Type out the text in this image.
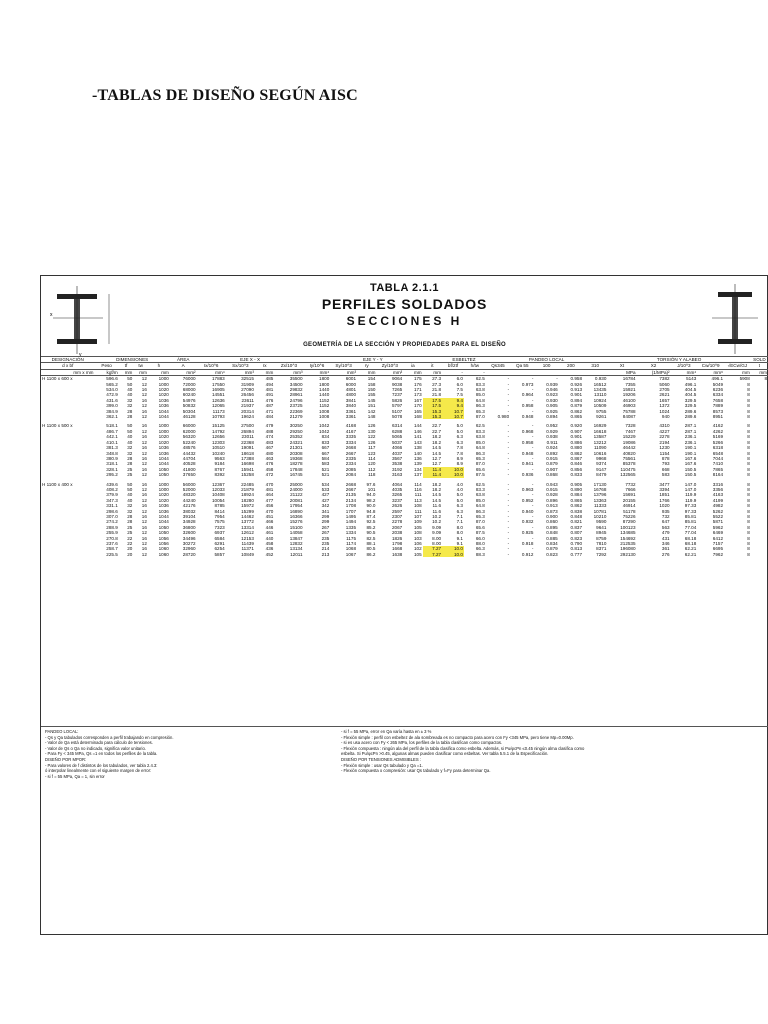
-TABLAS DE DISEÑO SEGÚN AISC
x
y
TABLA 2.1.1
PERFILES SOLDADOS
SECCIONES H
GEOMETRÍA DE LA SECCIÓN Y PROPIEDADES PARA EL DISEÑO
DESIGNACIÓN	DIMENSIONES				ÁREA	EJE X - X				EJE Y - Y						ESBELTEZ		PANDEO LOCAL					TORSIÓN Y ALABEO					SOLD
d x bf	Peso	tf	tw	h	A	Ix/10^6	Sx/10^3	rx	Zx/10^3	Iy/10^6	Sy/10^3	ry	Zy/10^3	ia	it	bf/2tf	h/tw	Qs345	Qa 55	100	200	310	Xt	X2	J/10^3	Cw/10^9	√ECw/GJ	t
mm x mm	kgf/m	mm	mm	mm	mm²	mm⁴	mm³	mm	mm³	mm⁴	mm³	mm	mm³	mm	mm	-	-						MPa	(1/MPa)²	mm⁴	mm⁶	mm	mm
H 1100 x 600 x	596.6	50	12	1000	76000	17883	32515	485	35500	1800	6001	154	9064	175	27.3	6.0	62.5	-	-	-	0.958	0.930	16784	7382	5143	496.1	5908	8
	565.2	50	12	1000	72000	17550	31909	494	34500	1800	6000	158	9038	176	27.3	6.0	83.3	-	0.973	0.939	0.926	16512	7355	5060	496.1	5049	8	
	534.0	40	16	1020	68000	16905	27090	481	29832	1440	4801	150	7265	171	21.8	7.5	63.8	-	-	0.946	0.913	13435	15921	2705	404.5	6236	8	
	472.9	40	12	1020	60240	14551	26456	491	28961	1440	4800	155	7237	173	21.8	7.5	85.0	-	0.964	0.923	0.901	13110	19206	2621	404.5	6334	8	
	431.6	32	16	1036	54976	12636	23611	476	24796	1152	3841	145	5826	167	17.5	9.4	64.8	-	-	0.930	0.894	10924	46100	1657	329.5	7658	8	
	399.0	32	12	1036	50832	12065	21937	487	23725	1152	3840	151	5797	170	17.5	9.4	86.3	-	0.958	0.905	0.879	10509	46903	1372	329.5	7889	8	
	384.9	28	16	1044	50304	11173	20314	471	22369	1008	3361	142	5107	165	15.3	10.7	65.3	-	-	0.925	0.862	9755	75788	1024	289.6	8573	8	
	362.1	28	12	1044	46128	10793	19624	484	21279	1008	3361	148	5078	168	15.3	10.7	87.0	0.980	0.948	0.894	0.865	9261	84087	940	289.6	8951	8	

H 1100 x 500 x	518.1	50	16	1000	66000	15125	27500	479	30250	1042	4168	126	6314	144	22.7	5.0	62.5	-	-	0.952	0.920	16929	7328	4310	287.1	4162	8	
	486.7	50	12	1000	62000	14792	26894	488	29250	1042	4167	130	6288	146	22.7	5.0	83.3	-	0.968	0.929	0.907	16618	7467	4227	287.1	4262	8	
	442.1	40	16	1020	56320	12656	23011	474	25352	834	3335	122	5065	141	18.2	6.3	63.8	-	-	0.938	0.901	13587	15229	2278	236.1	5169	8	
	410.1	40	12	1020	52240	12303	22368	483	24321	833	3334	126	5037	143	18.2	6.3	85.0	-	0.958	0.911	0.886	13212	19086	2194	236.1	5266	8	
	381.3	32	16	1036	48576	10510	19091	467	21301	667	2668	117	4066	138	14.5	7.8	64.8	-	-	0.924	0.880	11090	46442	1230	190.1	6318	8	
	348.8	32	12	1036	44432	10240	18618	480	20308	667	2667	123	4037	140	14.5	7.8	86.3	-	0.948	0.892	0.862	10616	40820	1154	190.1	6548	8	
	380.9	28	16	1044	44704	9563	17388	463	19368	584	2335	114	3567	136	12.7	8.9	65.3	-	-	0.915	0.867	9968	75561	878	167.6	7044	8	
	318.1	28	12	1044	40528	9184	16698	476	18278	583	2334	120	3538	139	12.7	8.9	87.0	-	0.941	0.879	0.846	9374	85378	793	167.6	7410	8	
	328.1	25	16	1050	41800	8767	15941	458	17848	521	2085	112	3192	134	11.4	10.0	65.6	-	-	0.907	0.856	9147	110475	668	150.5	7865	8	
	295.2	25	12	1050	37650	8392	15258	472	16745	521	2084	118	3163	137	11.4	10.0	87.5	-	0.936	0.868	0.833	8479	132565	583	150.5	8164	8	

H 1100 x 400 x	439.6	50	16	1000	56000	12367	22485	470	25000	534	2668	97.6	4064	114	18.2	4.0	62.5	-	-	0.943	0.905	17130	7732	3477	147.0	3316	8	
	408.2	50	12	1000	52000	12033	21879	481	24000	533	2667	101	4035	116	18.2	4.0	83.3	-	0.963	0.915	0.890	16768	7666	3394	147.0	3356	8	
	379.9	40	16	1020	48320	10408	18924	464	21122	427	2135	94.0	3265	111	14.5	5.0	63.8	-	-	0.928	0.884	13796	15691	1851	119.9	4163	8	
	347.3	40	12	1020	44240	10054	18280	477	20081	427	2134	98.2	3237	113	14.5	5.0	85.0	-	0.952	0.896	0.865	13363	20155	1766	119.9	4199	8	
	331.1	32	16	1036	42176	8785	15972	456	17954	342	1708	90.0	2626	108	11.6	6.3	64.8	-	-	0.913	0.862	11333	46914	1020	97.33	4982	8	
	298.6	32	12	1036	38032	8414	15299	470	16890	341	1707	94.8	2597	111	11.6	6.3	86.3	-	0.940	0.873	0.838	10781	51178	935	97.33	5262	8	
	307.0	28	16	1044	39104	7954	14462	451	16366	299	1495	87.4	2307	107	10.2	7.1	65.3	-	-	0.900	0.848	10210	75226	732	85.81	5522	8	
	274.2	28	12	1044	34928	7575	13772	466	15276	299	1494	92.5	2278	109	10.2	7.1	87.0	-	0.932	0.860	0.821	9590	87290	647	85.81	5871	8	
	288.9	25	16	1050	36800	7323	13314	446	15100	267	1335	85.2	2067	105	9.09	8.0	65.6	-	-	0.895	0.837	9641	100123	563	77.04	5962	8	
	255.9	25	12	1050	32600	6937	12612	461	14058	267	1334	90.5	2038	108	9.09	8.0	87.5	-	0.925	0.848	0.807	8945	134685	479	77.04	6469	8	
	270.8	22	16	1056	34496	6584	12153	440	13847	235	1175	82.5	1826	103	8.00	9.1	66.0	-	-	0.885	0.823	8759	154692	431	68.18	6412	8	
	237.6	22	12	1056	30272	6291	11439	458	12832	235	1174	88.1	1798	106	8.00	9.1	88.0	-	0.918	0.834	0.790	7810	212535	346	68.18	7157	8	
	258.7	20	16	1060	32960	6254	11371	436	13134	214	1068	80.5	1668	102	7.27	10.0	66.3	-	-	0.879	0.813	8371	196080	361	62.21	6695	8	
	225.5	20	12	1060	28720	5857	10849	452	12011	213	1067	86.2	1638	105	7.27	10.0	88.3	-	0.912	0.823	0.777	7292	292130	276	62.21	7962	8	

PANDEO LOCAL:
- Qs y Qa tabulados corresponden a perfil trabajando en compresión.
- Valor de Qa está determinado para cálculo de tensiones.
- Valor de Qs o Qa no indicado, significa valor unitario.
- Para Fy < 345 MPa, Qs =1 en todos los perfiles de la tabla.
DISEÑO POR MPOR:
- Para valores de f distintos de los tabulados, ver tabla 2.4.3:
ó interpolar linealmente con el siguiente margen de error:
- si f = 55 MPa, Qa = 1, sin error
- si f = 55 MPa, error en Qa varía hasta en ± 3 %
- Flexión simple : perfil con esbeltez de ala sombreada es no compacto para acero con Fy <345 MPa, pero tiene Mp=0.00Mp.
- si es usa acero con Fy < 265 MPa, los perfiles de la tabla clasifican como compactos.
- Flexión compuesta : ningún ala del perfil de la tabla clasifica como esbelta. Además, si Pu/φcPn ≤0.45 ningún alma clasifica como
esbelta. Si Pu/φcPn >0.45, algunas almas pueden clasificar como esbeltas. Ver tabla 5.5.1 de la Especificación.
DISEÑO POR TENSIONES ADMISIBLES :
- Flexión simple : usar Qs tabulado y Qa =1.
- Flexión compuesta o compresión: usar Qs tabulado y f=Fy para determinar Qa.
